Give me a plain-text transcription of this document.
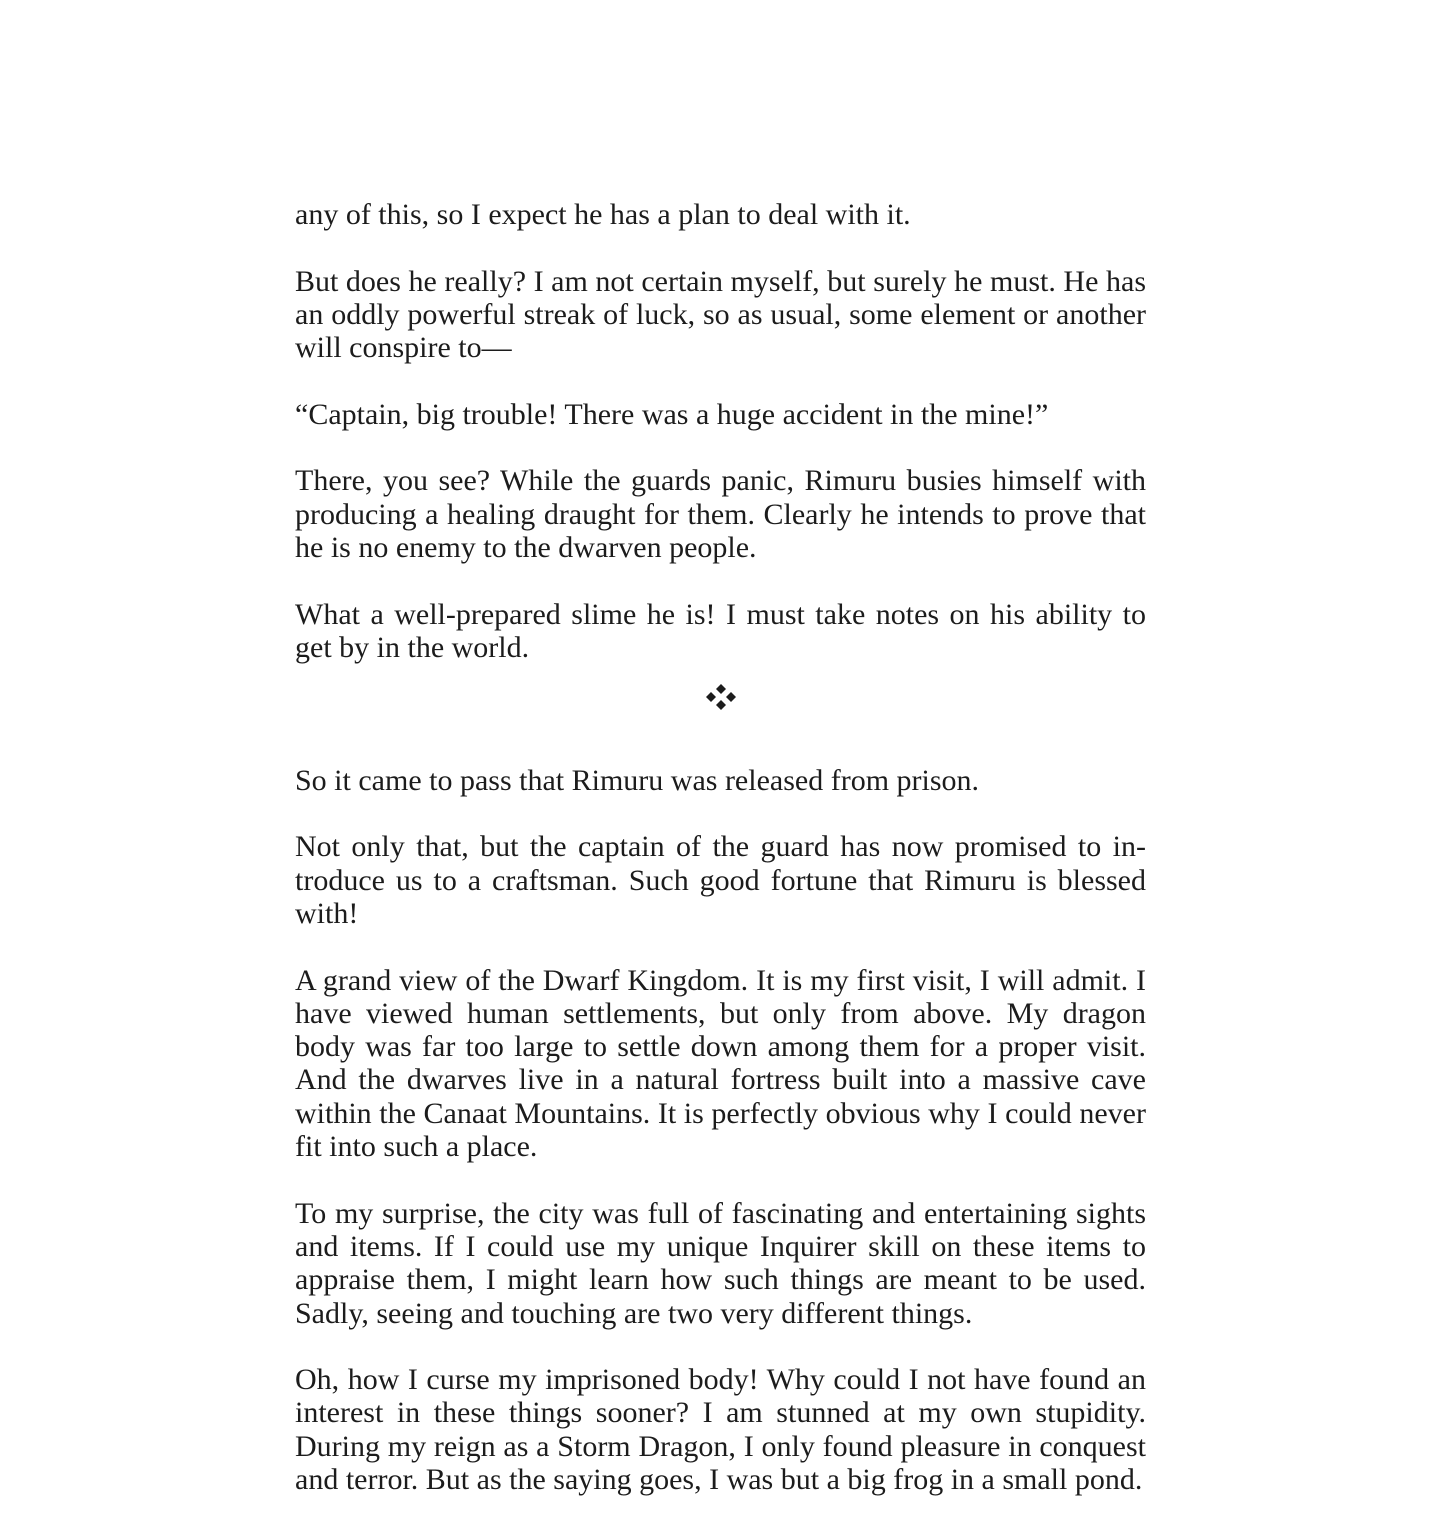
any of this, so I expect he has a plan to deal with it.

But does he really? I am not certain myself, but surely he must. He has an oddly powerful streak of luck, so as usual, some element or another will conspire to—

“Captain, big trouble! There was a huge accident in the mine!”

There, you see? While the guards panic, Rimuru busies himself with producing a healing draught for them. Clearly he intends to prove that he is no enemy to the dwarven people.

What a well-prepared slime he is! I must take notes on his ability to get by in the world.

So it came to pass that Rimuru was released from prison.

Not only that, but the captain of the guard has now promised to introduce us to a craftsman. Such good fortune that Rimuru is blessed with!

A grand view of the Dwarf Kingdom. It is my first visit, I will admit. I have viewed human settlements, but only from above. My dragon body was far too large to settle down among them for a proper visit. And the dwarves live in a natural fortress built into a massive cave within the Canaat Mountains. It is perfectly obvious why I could never fit into such a place.

To my surprise, the city was full of fascinating and entertaining sights and items. If I could use my unique Inquirer skill on these items to appraise them, I might learn how such things are meant to be used. Sadly, seeing and touching are two very different things.

Oh, how I curse my imprisoned body! Why could I not have found an interest in these things sooner? I am stunned at my own stupidity. During my reign as a Storm Dragon, I only found pleasure in conquest and terror. But as the saying goes, I was but a big frog in a small pond.
